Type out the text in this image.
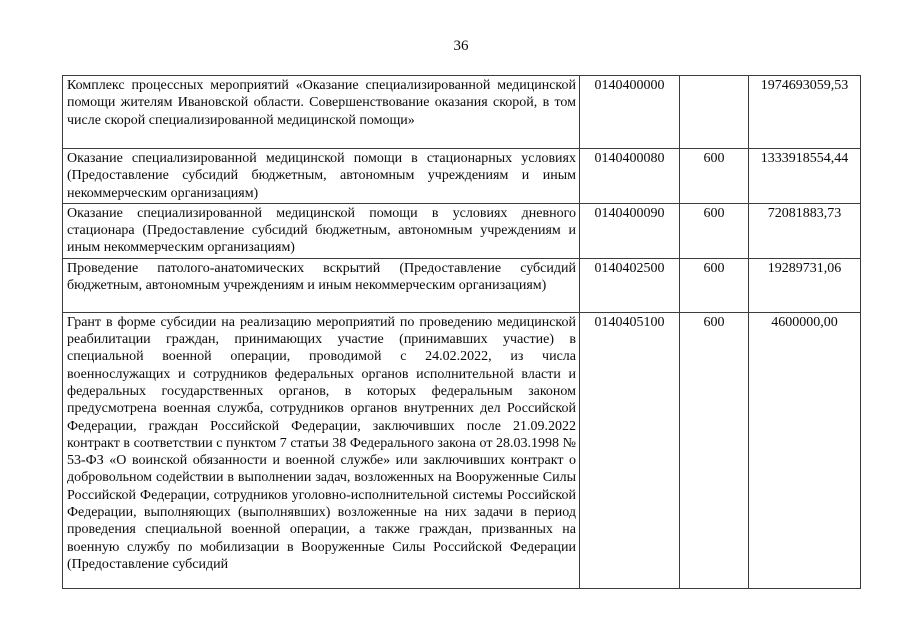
36
Комплекс процессных мероприятий «Оказание специализированной медицинской помощи жителям Ивановской области. Совершенствование оказания скорой, в том числе скорой специализированной медицинской помощи»	0140400000		1974693059,53
Оказание специализированной медицинской помощи в стационарных условиях (Предоставление субсидий бюджетным, автономным учреждениям и иным некоммерческим организациям)	0140400080	600	1333918554,44
Оказание специализированной медицинской помощи в условиях дневного стационара (Предоставление субсидий бюджетным, автономным учреждениям и иным некоммерческим организациям)	0140400090	600	72081883,73
Проведение патолого-анатомических вскрытий (Предоставление субсидий бюджетным, автономным учреждениям и иным некоммерческим организациям)	0140402500	600	19289731,06
Грант в форме субсидии на реализацию мероприятий по проведению медицинской реабилитации граждан, принимающих участие (принимавших участие) в специальной военной операции, проводимой с 24.02.2022, из числа военнослужащих и сотрудников федеральных органов исполнительной власти и федеральных государственных органов, в которых федеральным законом предусмотрена военная служба, сотрудников органов внутренних дел Российской Федерации, граждан Российской Федерации, заключивших после 21.09.2022 контракт в соответствии с пунктом 7 статьи 38 Федерального закона от 28.03.1998 № 53-ФЗ «О воинской обязанности и военной службе» или заключивших контракт о добровольном содействии в выполнении задач, возложенных на Вооруженные Силы Российской Федерации, сотрудников уголовно-исполнительной системы Российской Федерации, выполняющих (выполнявших) возложенные на них задачи в период проведения специальной военной операции, а также граждан, призванных на военную службу по мобилизации в Вооруженные Силы Российской Федерации (Предоставление субсидий	0140405100	600	4600000,00
